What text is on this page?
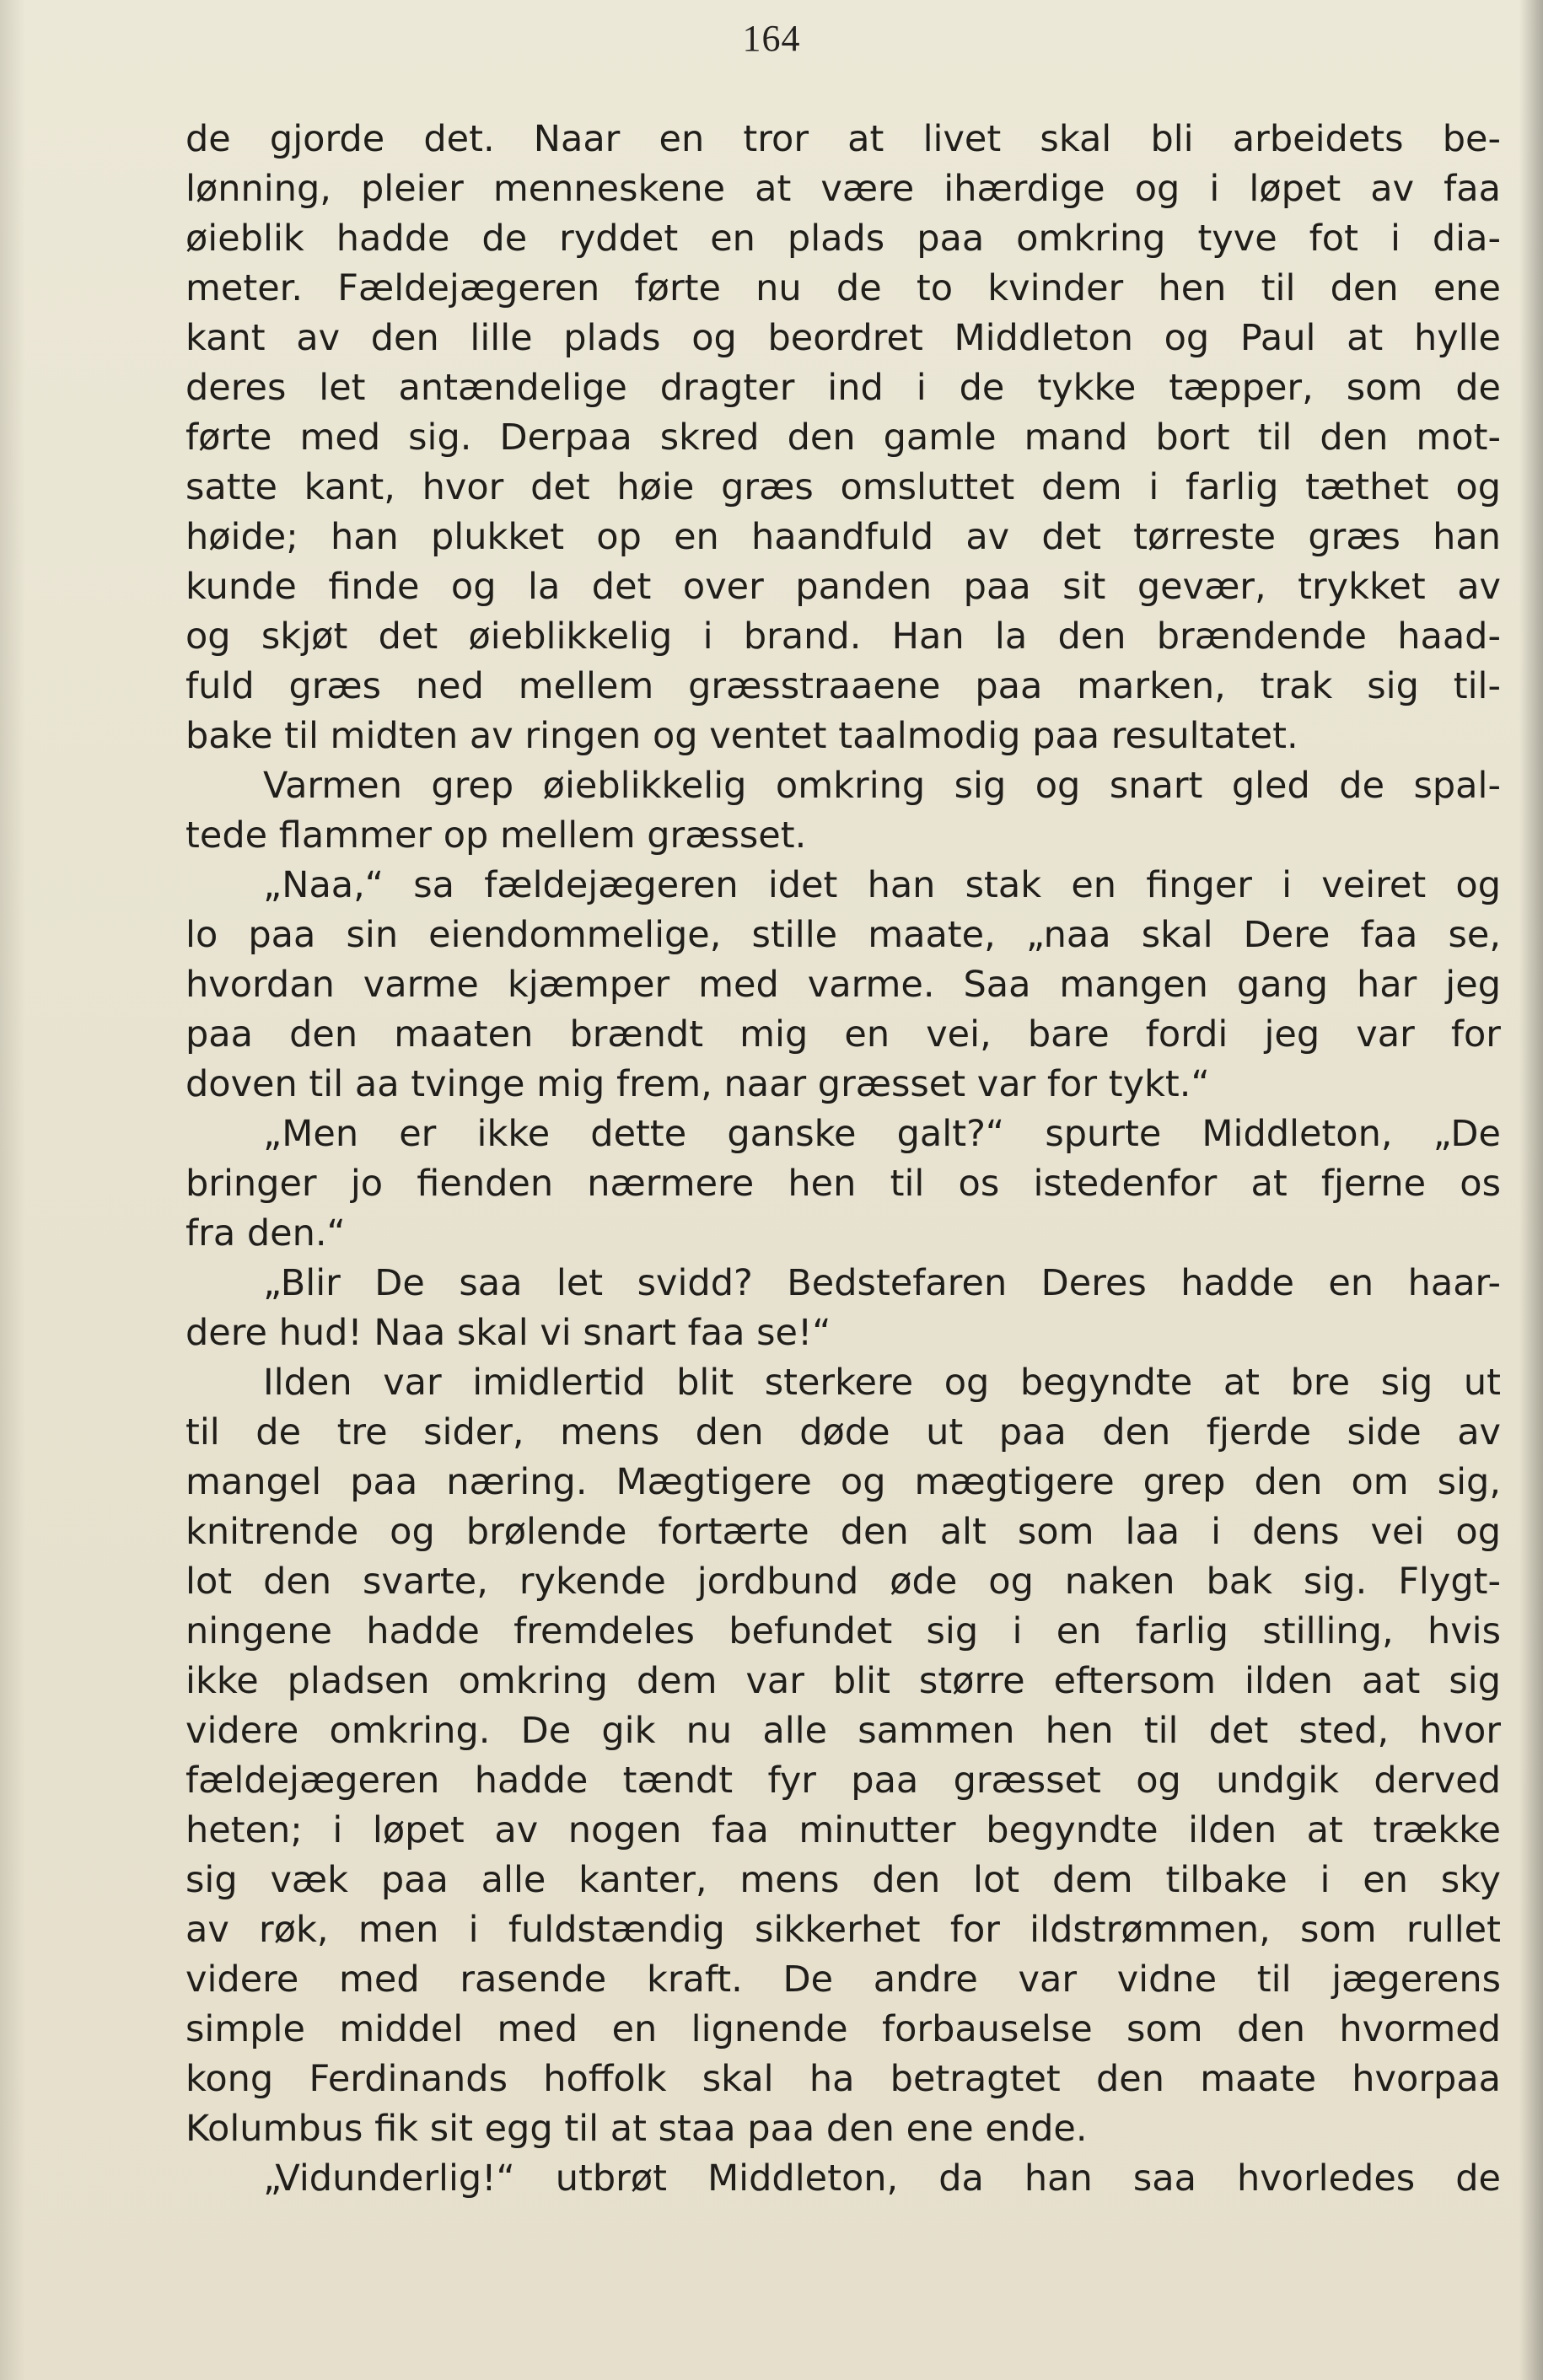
164
de gjorde det. Naar en tror at livet skal bli arbeidets be-
lønning, pleier menneskene at være ihærdige og i løpet av faa
øieblik hadde de ryddet en plads paa omkring tyve fot i dia-
meter. Fældejægeren førte nu de to kvinder hen til den ene
kant av den lille plads og beordret Middleton og Paul at hylle
deres let antændelige dragter ind i de tykke tæpper, som de
førte med sig. Derpaa skred den gamle mand bort til den mot-
satte kant, hvor det høie græs omsluttet dem i farlig tæthet og
høide; han plukket op en haandfuld av det tørreste græs han
kunde finde og la det over panden paa sit gevær, trykket av
og skjøt det øieblikkelig i brand. Han la den brændende haad-
fuld græs ned mellem græsstraaene paa marken, trak sig til-
bake til midten av ringen og ventet taalmodig paa resultatet.
Varmen grep øieblikkelig omkring sig og snart gled de spal-
tede flammer op mellem græsset.
„Naa,“ sa fældejægeren idet han stak en finger i veiret og
lo paa sin eiendommelige, stille maate, „naa skal Dere faa se,
hvordan varme kjæmper med varme. Saa mangen gang har jeg
paa den maaten brændt mig en vei, bare fordi jeg var for
doven til aa tvinge mig frem, naar græsset var for tykt.“
„Men er ikke dette ganske galt?“ spurte Middleton, „De
bringer jo fienden nærmere hen til os istedenfor at fjerne os
fra den.“
„Blir De saa let svidd? Bedstefaren Deres hadde en haar-
dere hud! Naa skal vi snart faa se!“
Ilden var imidlertid blit sterkere og begyndte at bre sig ut
til de tre sider, mens den døde ut paa den fjerde side av
mangel paa næring. Mægtigere og mægtigere grep den om sig,
knitrende og brølende fortærte den alt som laa i dens vei og
lot den svarte, rykende jordbund øde og naken bak sig. Flygt-
ningene hadde fremdeles befundet sig i en farlig stilling, hvis
ikke pladsen omkring dem var blit større eftersom ilden aat sig
videre omkring. De gik nu alle sammen hen til det sted, hvor
fældejægeren hadde tændt fyr paa græsset og undgik derved
heten; i løpet av nogen faa minutter begyndte ilden at trække
sig væk paa alle kanter, mens den lot dem tilbake i en sky
av røk, men i fuldstændig sikkerhet for ildstrømmen, som rullet
videre med rasende kraft. De andre var vidne til jægerens
simple middel med en lignende forbauselse som den hvormed
kong Ferdinands hoffolk skal ha betragtet den maate hvorpaa
Kolumbus fik sit egg til at staa paa den ene ende.
„Vidunderlig!“ utbrøt Middleton, da han saa hvorledes de
